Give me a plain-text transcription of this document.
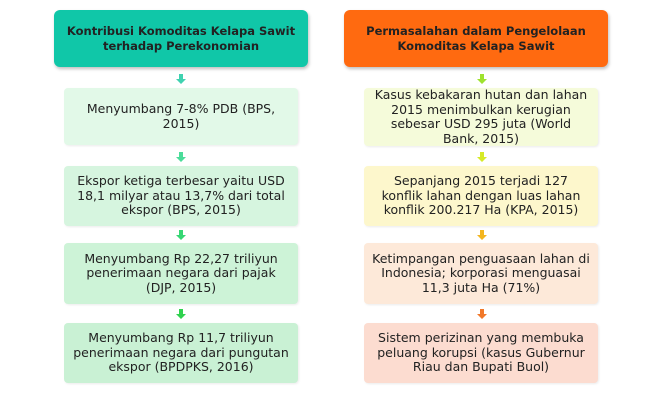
Kontribusi Komoditas Kelapa Sawit terhadap Perekonomian
Menyumbang 7-8% PDB (BPS, 2015)
Ekspor ketiga terbesar yaitu USD 18,1 milyar atau 13,7% dari total ekspor (BPS, 2015)
Menyumbang Rp 22,27 triliyun penerimaan negara dari pajak (DJP, 2015)
Menyumbang Rp 11,7 triliyun penerimaan negara dari pungutan ekspor (BPDPKS, 2016)
Permasalahan dalam Pengelolaan Komoditas Kelapa Sawit
Kasus kebakaran hutan dan lahan 2015 menimbulkan kerugian sebesar USD 295 juta (World Bank, 2015)
Sepanjang 2015 terjadi 127 konflik lahan dengan luas lahan konflik 200.217 Ha (KPA, 2015)
Ketimpangan penguasaan lahan di Indonesia; korporasi menguasai 11,3 juta Ha (71%)
Sistem perizinan yang membuka peluang korupsi (kasus Gubernur Riau dan Bupati Buol)
